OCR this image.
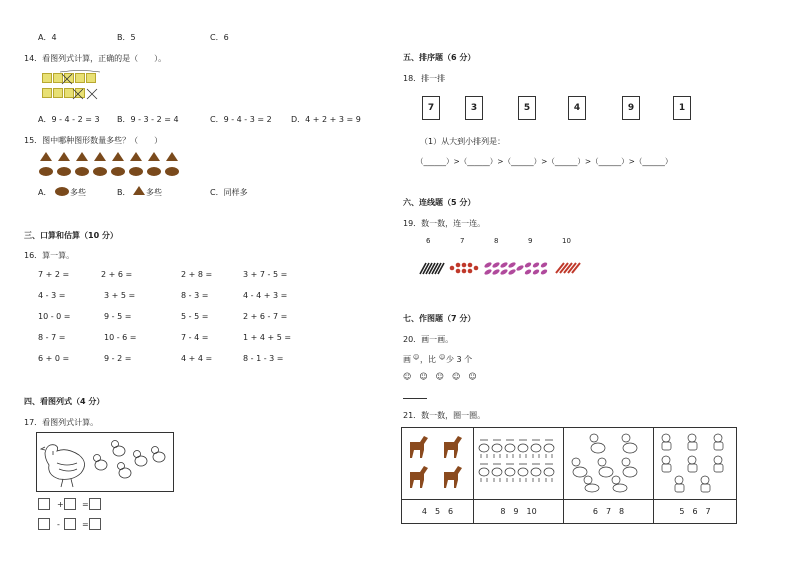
A．4	B．5	C．6
14．看图列式计算，正确的是（　　）。
A．9 - 4 - 2 = 3 B．9 - 3 - 2 = 4	C．9 - 4 - 3 = 2 D．4 + 2 + 3 = 9
15．图中哪种图形数量多些？（　　）
A． 多些	B． 多些	C．同样多
三、口算和估算（10 分）
16．算一算。
7 + 2 =	2 + 6 =	2 + 8 =	3 + 7 - 5 =
4 - 3 =	3 + 5 =	8 - 3 =	4 - 4 + 3 =
10 - 0 =	9 - 5 =	5 - 5 =	2 + 6 - 7 =
8 - 7 =	10 - 6 =	7 - 4 =	1 + 4 + 5 =
6 + 0 =	9 - 2 =	4 + 4 =	8 - 1 - 3 =
四、看图列式（4 分）
17．看图列式计算。
+ =
-	=
五、排序题（6 分）
18．排一排
7	3	5	4	9	1
（1）从大到小排列是：
（______）>（______）>（______）>（______）>（______）>（______）
六、连线题（5 分）
19．数一数，连一连。
6	7	8	9	10
七、作图题（7 分）
20．画一画。
画 ☺ ，比 ☺ 少 3 个
☺☺☺☺☺
21．数一数，圈一圈。

4　5　6	8　9　10	6　7　8	5　6　7
